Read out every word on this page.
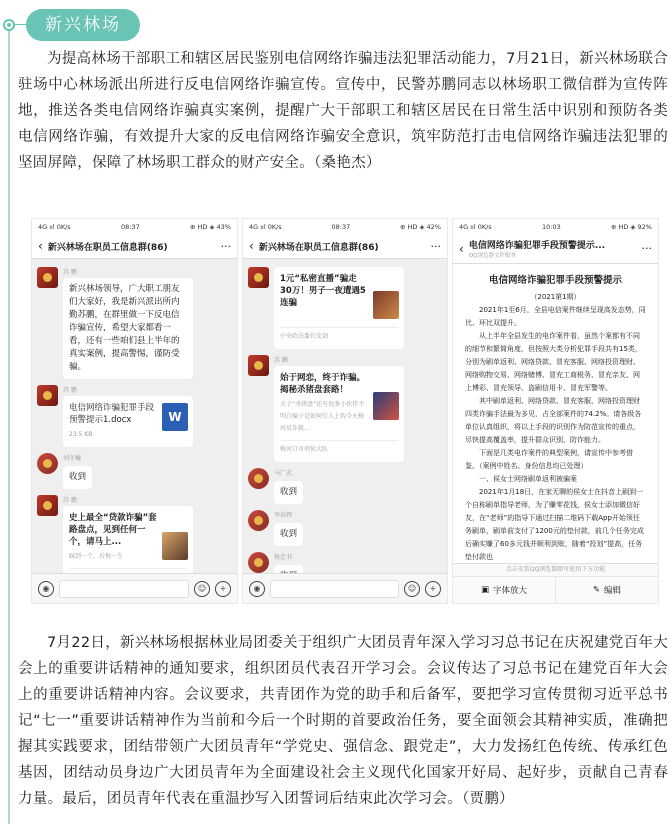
新兴林场

为提高林场干部职工和辖区居民鉴别电信网络诈骗违法犯罪活动能力，7月21日，新兴林场联合驻场中心林场派出所进行反电信网络诈骗宣传。宣传中，民警苏鹏同志以林场职工微信群为宣传阵地，推送各类电信网络诈骗真实案例，提醒广大干部职工和辖区居民在日常生活中识别和预防各类电信网络诈骗，有效提升大家的反电信网络诈骗安全意识，筑牢防范打击电信网络诈骗违法犯罪的坚固屏障，保障了林场职工群众的财产安全。（桑艳杰）

4G ııl 0K/s	08:37	⊕ HD ◈ 43%
‹ 新兴林场在职员工信息群(86)	···
苏 鹏
新兴林场领导，广大职工朋友们大家好，我是新兴派出所内勤苏鹏，在群里做一下反电信诈骗宣传，希望大家都看一看，还有一些咱们县上半年的真实案例，提高警惕，谨防受骗。
苏 鹏
电信网络诈骗犯罪手段预警提示1.docx
23.5 KB
W
刘冬巍
收到
苏 鹏
史上最全“贷款诈骗”套路盘点，见到任何一个，请马上...
踩到一个，后悔一生
◉	☺	+
4G ııl 0K/s	08:37	⊕ HD ◈ 42%
‹ 新兴林场在职员工信息群(86)	···
1元“私密直播”骗走30万！男子一夜遭遇5连骗
中央政法委长安剑
苏 鹏
始于网恋，终于诈骗。揭秘杀猪盘套路！
关于“杀猪盘”还有很多小伙伴不明白骗子是如何引人上钩今天梅河反诈就...
梅河口市刑侦大队
马广武
收到
李春辉
收到
杨忠书
◉	☺	+
4G ııl 0K/s	10:03	⊕ HD ◈ 92%
‹ 电信网络诈骗犯罪手段预警提示...
QQ浏览器文件服务
···
电信网络诈骗犯罪手段预警提示
（2021第1期）

2021年1至6月，全县电信案件继续呈现高发态势，同比、环比双提升。

从上半年全县发生的电诈案件看，虽然个案都有不同的细节和繁简角度，但按照大类分析犯罪手段共有15类，分别为刷单返利、网络贷款、冒充客服、网络投资理财、网络购物交易、网络赌博、冒充工商税务、冒充亲友、网上博彩、冒充领导、盗刷信用卡、冒充军警等。

其中刷单返利、网络贷款、冒充客服、网络投资理财四类诈骗手法最为多见，占全部案件的74.2%。请各级各单位认真组织，将以上手段的识别作为防范宣传的重点，尽快提高覆盖率，提升群众识别、防诈能力。

下面是几类电诈案件的典型案例，请宣传中参考借鉴。（案例中姓名、身份信息均已处理）

一、侯女士网络刷单返利被骗案

2021年1月18日，在家无聊的侯女士在抖音上刷到一个自称刷单指导老师，为了赚零花钱，侯女士添加微信好友，在“老师”的指导下通过扫描二维码下载App开始领任务刷单，刷单前支付了1200元的垫付款，前几个任务完成后确实赚了60多元钱并顺利到账，随着“投划”提高，任务垫付款也

点击安装QQ浏览器即可使用下方功能
▣ 字体放大	✎ 编辑

7月22日，新兴林场根据林业局团委关于组织广大团员青年深入学习习总书记在庆祝建党百年大会上的重要讲话精神的通知要求，组织团员代表召开学习会。会议传达了习总书记在建党百年大会上的重要讲话精神内容。会议要求，共青团作为党的助手和后备军，要把学习宣传贯彻习近平总书记“七一”重要讲话精神作为当前和今后一个时期的首要政治任务，要全面领会其精神实质，准确把握其实践要求，团结带领广大团员青年“学党史、强信念、跟党走”，大力发扬红色传统、传承红色基因，团结动员身边广大团员青年为全面建设社会主义现代化国家开好局、起好步，贡献自己青春力量。最后，团员青年代表在重温抄写入团誓词后结束此次学习会。（贾鹏）
